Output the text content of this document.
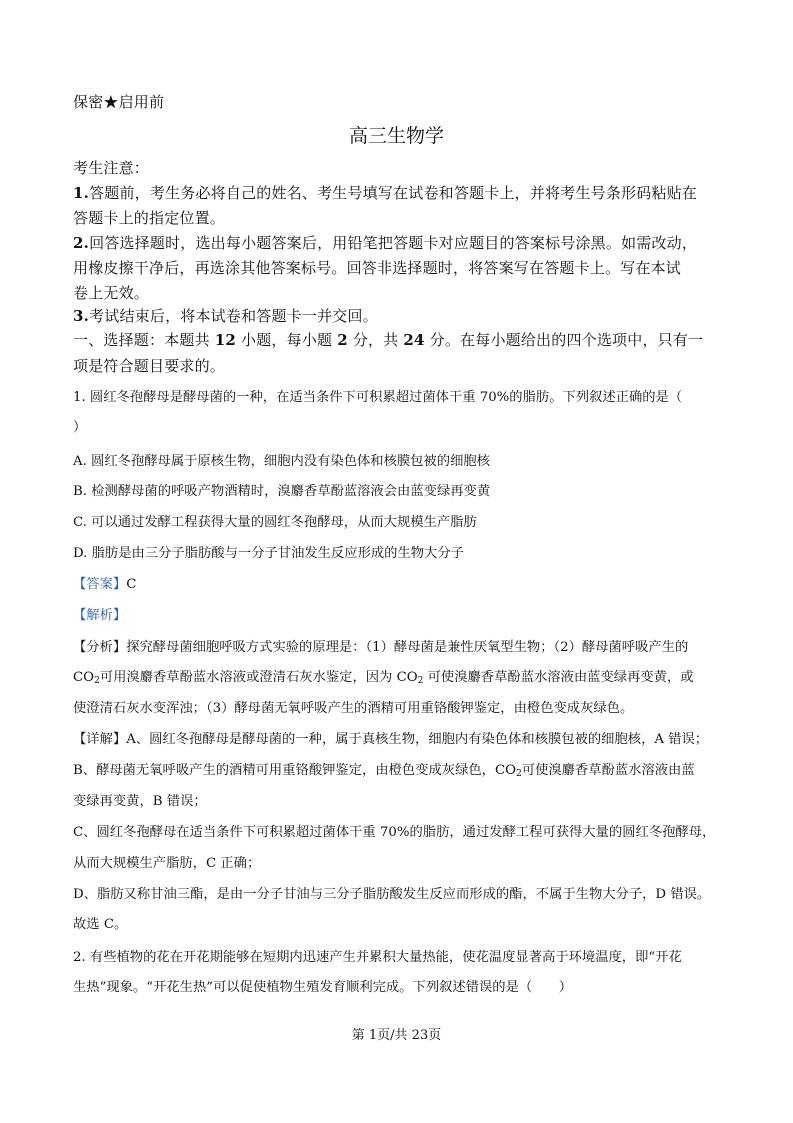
保密★启用前
高三生物学
考生注意：
1.答题前，考生务必将自己的姓名、考生号填写在试卷和答题卡上，并将考生号条形码粘贴在
答题卡上的指定位置。
2.回答选择题时，选出每小题答案后，用铅笔把答题卡对应题目的答案标号涂黑。如需改动，
用橡皮擦干净后，再选涂其他答案标号。回答非选择题时，将答案写在答题卡上。写在本试
卷上无效。
3.考试结束后，将本试卷和答题卡一并交回。
一、选择题：本题共 12 小题，每小题 2 分，共 24 分。在每小题给出的四个选项中，只有一
项是符合题目要求的。
1. 圆红冬孢酵母是酵母菌的一种，在适当条件下可积累超过菌体干重 70%的脂肪。下列叙述正确的是（
）
A. 圆红冬孢酵母属于原核生物，细胞内没有染色体和核膜包被的细胞核
B. 检测酵母菌的呼吸产物酒精时，溴麝香草酚蓝溶液会由蓝变绿再变黄
C. 可以通过发酵工程获得大量的圆红冬孢酵母，从而大规模生产脂肪
D. 脂肪是由三分子脂肪酸与一分子甘油发生反应形成的生物大分子
【答案】C
【解析】
【分析】探究酵母菌细胞呼吸方式实验的原理是：（1）酵母菌是兼性厌氧型生物；（2）酵母菌呼吸产生的
$CO_2$可用溴麝香草酚蓝水溶液或澄清石灰水鉴定，因为 $CO_2$ 可使溴麝香草酚蓝水溶液由蓝变绿再变黄，或
使澄清石灰水变浑浊；（3）酵母菌无氧呼吸产生的酒精可用重铬酸钾鉴定，由橙色变成灰绿色。
【详解】A、圆红冬孢酵母是酵母菌的一种，属于真核生物，细胞内有染色体和核膜包被的细胞核，A 错误；
B、酵母菌无氧呼吸产生的酒精可用重铬酸钾鉴定，由橙色变成灰绿色，$CO_2$可使溴麝香草酚蓝水溶液由蓝
变绿再变黄，B 错误；
C、圆红冬孢酵母在适当条件下可积累超过菌体干重 70%的脂肪，通过发酵工程可获得大量的圆红冬孢酵母，
从而大规模生产脂肪，C 正确；
D、脂肪又称甘油三酯，是由一分子甘油与三分子脂肪酸发生反应而形成的酯，不属于生物大分子，D 错误。
故选 C。
2. 有些植物的花在开花期能够在短期内迅速产生并累积大量热能，使花温度显著高于环境温度，即“开花
生热”现象。“开花生热”可以促使植物生殖发育顺利完成。下列叙述错误的是（　　）
第 1页/共 23页
